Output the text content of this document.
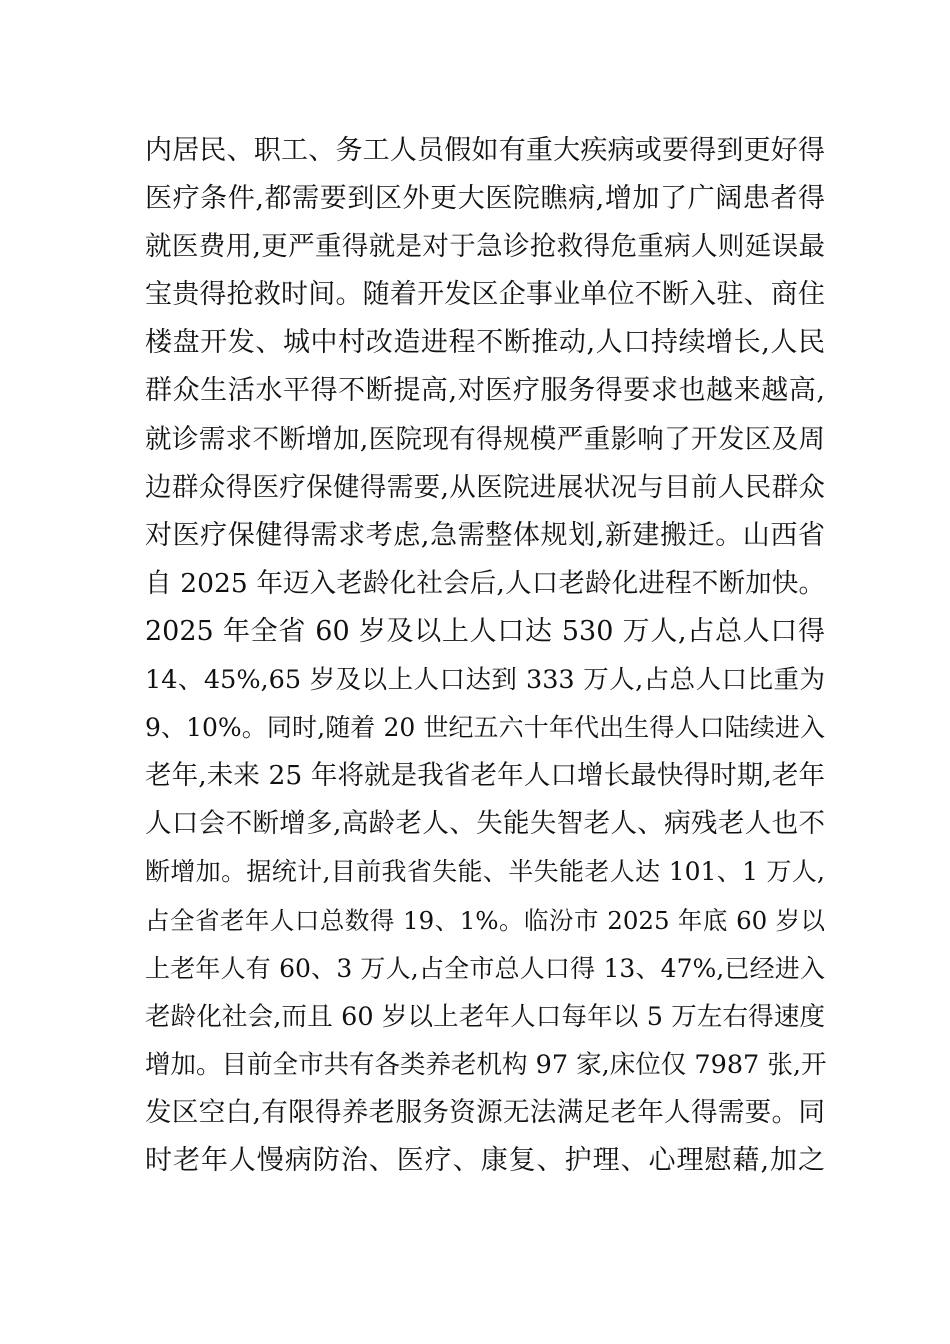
内居民、职工、务工人员假如有重大疾病或要得到更好得
医疗条件,都需要到区外更大医院瞧病,增加了广阔患者得
就医费用,更严重得就是对于急诊抢救得危重病人则延误最
宝贵得抢救时间。随着开发区企事业单位不断入驻、商住
楼盘开发、城中村改造进程不断推动,人口持续增长,人民
群众生活水平得不断提高,对医疗服务得要求也越来越高,
就诊需求不断增加,医院现有得规模严重影响了开发区及周
边群众得医疗保健得需要,从医院进展状况与目前人民群众
对医疗保健得需求考虑,急需整体规划,新建搬迁。山西省
自 2025 年迈入老龄化社会后,人口老龄化进程不断加快。
2025 年全省 60 岁及以上人口达 530 万人,占总人口得
14、45%,65 岁及以上人口达到 333 万人,占总人口比重为
9、10%。同时,随着 20 世纪五六十年代出生得人口陆续进入
老年,未来 25 年将就是我省老年人口增长最快得时期,老年
人口会不断增多,高龄老人、失能失智老人、病残老人也不
断增加。据统计,目前我省失能、半失能老人达 101、1 万人,
占全省老年人口总数得 19、1%。临汾市 2025 年底 60 岁以
上老年人有 60、3 万人,占全市总人口得 13、47%,已经进入
老龄化社会,而且 60 岁以上老年人口每年以 5 万左右得速度
增加。目前全市共有各类养老机构 97 家,床位仅 7987 张,开
发区空白,有限得养老服务资源无法满足老年人得需要。同
时老年人慢病防治、医疗、康复、护理、心理慰藉,加之
